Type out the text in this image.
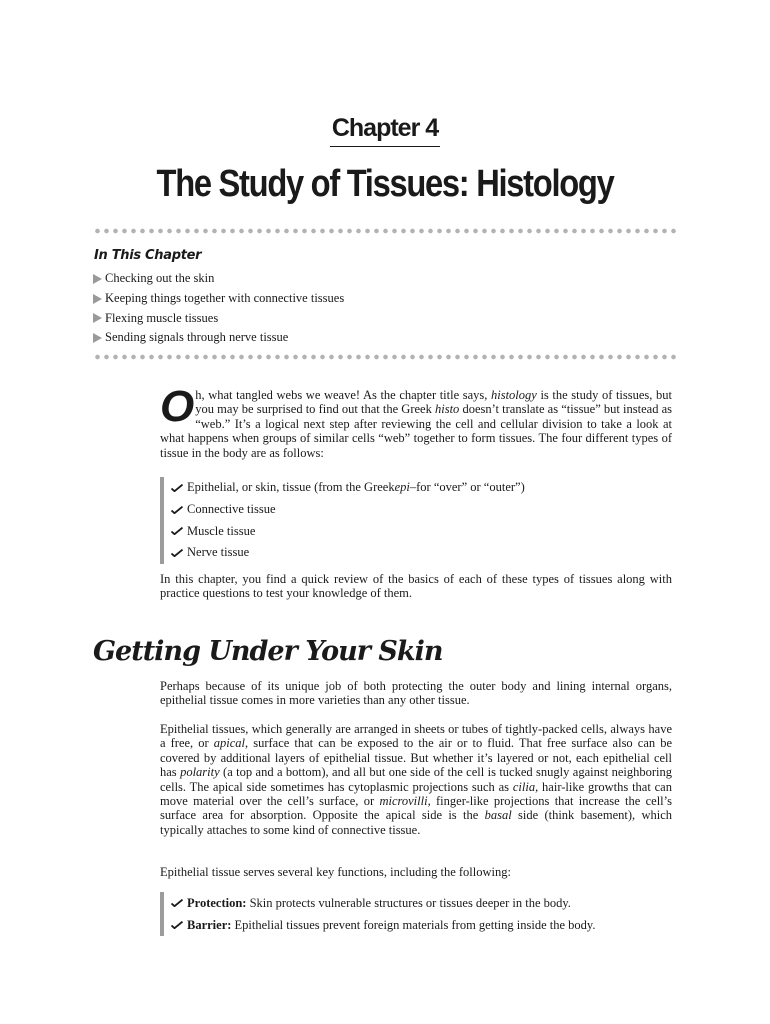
Chapter 4
The Study of Tissues: Histology
In This Chapter
Checking out the skin
Keeping things together with connective tissues
Flexing muscle tissues
Sending signals through nerve tissue

Oh, what tangled webs we weave! As the chapter title says, histology is the study of tissues, but you may be surprised to find out that the Greek histo doesn’t translate as “tissue” but instead as “web.” It’s a logical next step after reviewing the cell and cellular division to take a look at what happens when groups of similar cells “web” together to form tissues. The four different types of tissue in the body are as follows:

Epithelial, or skin, tissue (from the Greek epi– for “over” or “outer”)
Connective tissue
Muscle tissue
Nerve tissue

In this chapter, you find a quick review of the basics of each of these types of tissues along with practice questions to test your knowledge of them.

Getting Under Your Skin

Perhaps because of its unique job of both protecting the outer body and lining internal organs, epithelial tissue comes in more varieties than any other tissue.

Epithelial tissues, which generally are arranged in sheets or tubes of tightly-packed cells, always have a free, or apical, surface that can be exposed to the air or to fluid. That free surface also can be covered by additional layers of epithelial tissue. But whether it’s layered or not, each epithelial cell has polarity (a top and a bottom), and all but one side of the cell is tucked snugly against neighboring cells. The apical side sometimes has cytoplasmic projections such as cilia, hair-like growths that can move material over the cell’s surface, or microvilli, finger-like projections that increase the cell’s surface area for absorption. Opposite the apical side is the basal side (think basement), which typically attaches to some kind of connective tissue.

Epithelial tissue serves several key functions, including the following:

Protection: Skin protects vulnerable structures or tissues deeper in the body.
Barrier: Epithelial tissues prevent foreign materials from getting inside the body.
